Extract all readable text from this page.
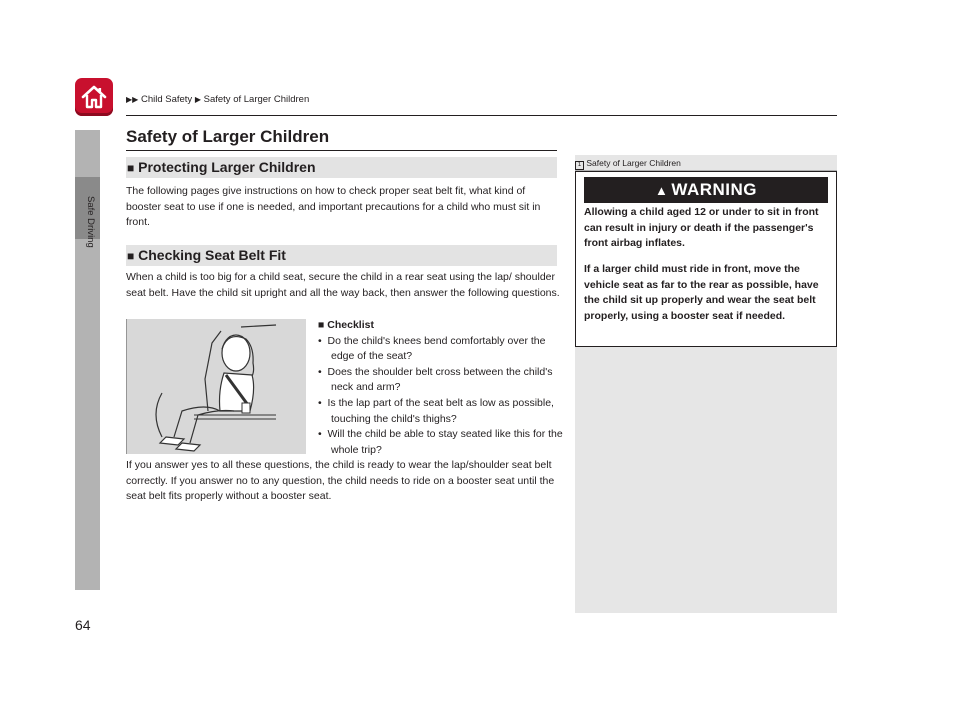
▶▶ Child Safety ▶ Safety of Larger Children
Safe Driving
64
Safety of Larger Children
■ Protecting Larger Children
The following pages give instructions on how to check proper seat belt fit, what kind of booster seat to use if one is needed, and important precautions for a child who must sit in front.
■ Checking Seat Belt Fit
When a child is too big for a child seat, secure the child in a rear seat using the lap/ shoulder seat belt. Have the child sit upright and all the way back, then answer the following questions.
■ Checklist
•  Do the child's knees bend comfortably over the edge of the seat?
•  Does the shoulder belt cross between the child's neck and arm?
•  Is the lap part of the seat belt as low as possible, touching the child's thighs?
•  Will the child be able to stay seated like this for the whole trip?
If you answer yes to all these questions, the child is ready to wear the lap/shoulder seat belt correctly. If you answer no to any question, the child needs to ride on a booster seat until the seat belt fits properly without a booster seat.
1 Safety of Larger Children
▲ WARNING
Allowing a child aged 12 or under to sit in front can result in injury or death if the passenger's front airbag inflates.
If a larger child must ride in front, move the vehicle seat as far to the rear as possible, have the child sit up properly and wear the seat belt properly, using a booster seat if needed.
